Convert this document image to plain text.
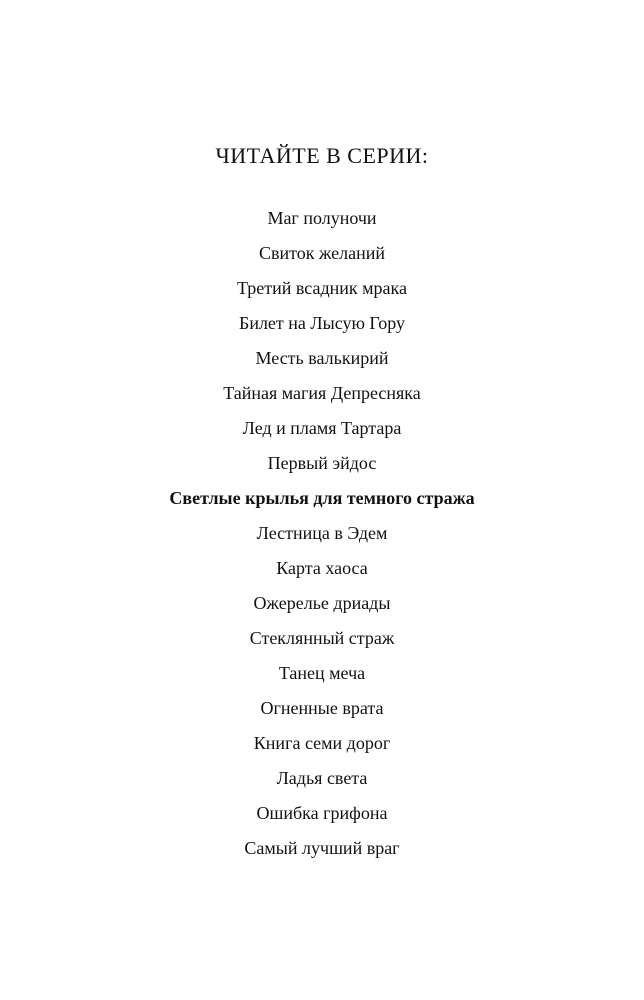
ЧИТАЙТЕ В СЕРИИ:
Маг полуночи
Свиток желаний
Третий всадник мрака
Билет на Лысую Гору
Месть валькирий
Тайная магия Депресняка
Лед и пламя Тартара
Первый эйдос
Светлые крылья для темного стража
Лестница в Эдем
Карта хаоса
Ожерелье дриады
Стеклянный страж
Танец меча
Огненные врата
Книга семи дорог
Ладья света
Ошибка грифона
Самый лучший враг
